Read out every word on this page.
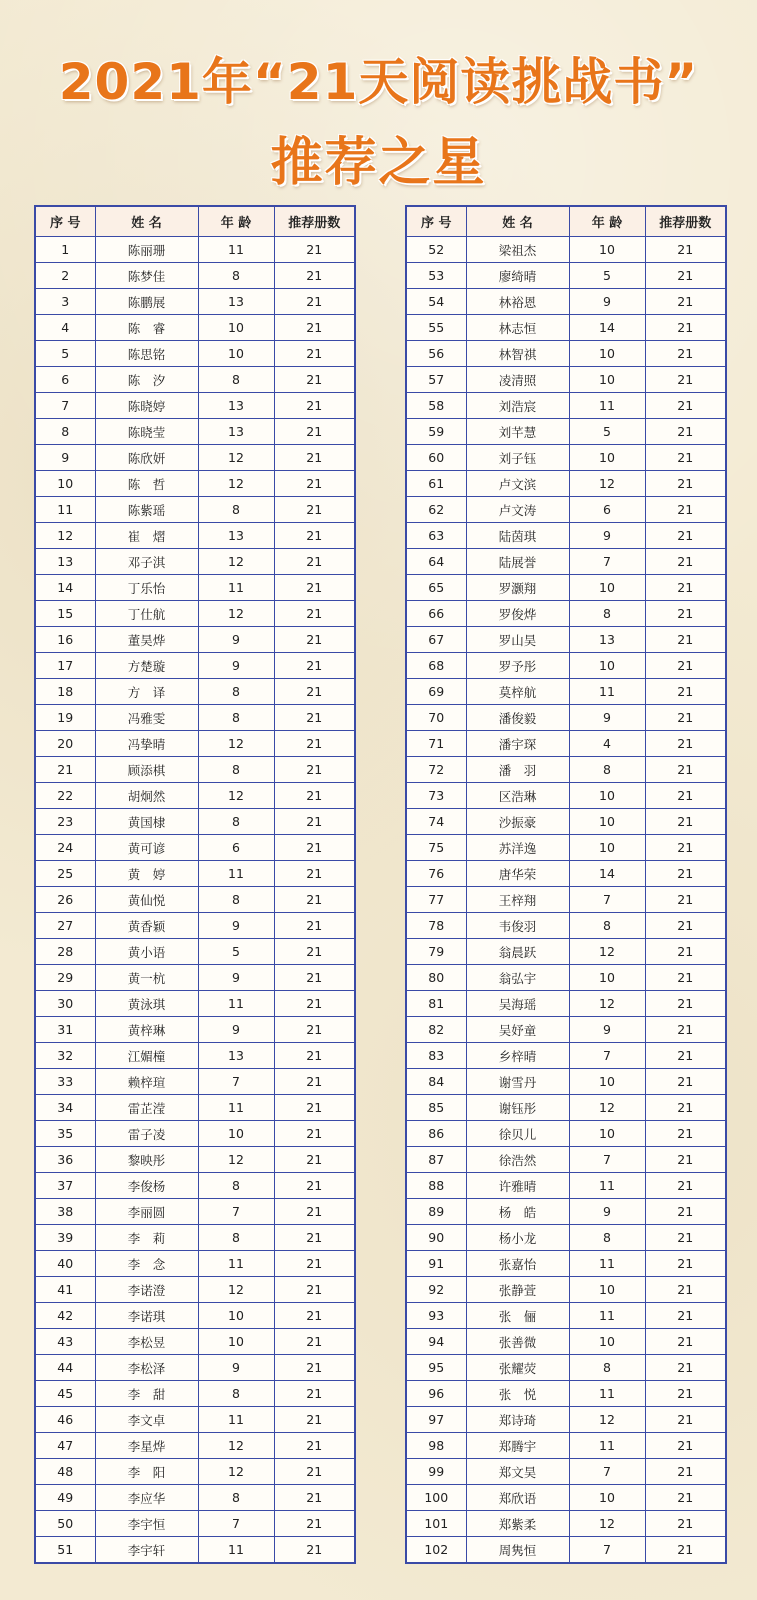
2021年“21天阅读挑战书”
推荐之星
序 号	姓 名	年 龄	推荐册数
1	陈丽珊	11	21
2	陈梦佳	8	21
3	陈鹏展	13	21
4	陈　睿	10	21
5	陈思铭	10	21
6	陈　汐	8	21
7	陈晓婷	13	21
8	陈晓莹	13	21
9	陈欣妍	12	21
10	陈　哲	12	21
11	陈紫瑶	8	21
12	崔　熠	13	21
13	邓子淇	12	21
14	丁乐怡	11	21
15	丁仕航	12	21
16	董昊烨	9	21
17	方楚璇	9	21
18	方　译	8	21
19	冯雅雯	8	21
20	冯挚晴	12	21
21	顾添棋	8	21
22	胡炯然	12	21
23	黄国棣	8	21
24	黄可谚	6	21
25	黄　婷	11	21
26	黄仙悦	8	21
27	黄香颖	9	21
28	黄小语	5	21
29	黄一杭	9	21
30	黄泳琪	11	21
31	黄梓琳	9	21
32	江媚橦	13	21
33	赖梓瑄	7	21
34	雷芷滢	11	21
35	雷子凌	10	21
36	黎映彤	12	21
37	李俊杨	8	21
38	李丽圆	7	21
39	李　莉	8	21
40	李　念	11	21
41	李诺澄	12	21
42	李诺琪	10	21
43	李松昱	10	21
44	李松泽	9	21
45	李　甜	8	21
46	李文卓	11	21
47	李星烨	12	21
48	李　阳	12	21
49	李应华	8	21
50	李宇恒	7	21
51	李宇轩	11	21
序 号	姓 名	年 龄	推荐册数
52	梁祖杰	10	21
53	廖绮晴	5	21
54	林裕恩	9	21
55	林志恒	14	21
56	林智祺	10	21
57	凌清照	10	21
58	刘浩宸	11	21
59	刘芊慧	5	21
60	刘子钰	10	21
61	卢文滨	12	21
62	卢文涛	6	21
63	陆茵琪	9	21
64	陆展誉	7	21
65	罗灏翔	10	21
66	罗俊烨	8	21
67	罗山昊	13	21
68	罗予彤	10	21
69	莫梓航	11	21
70	潘俊毅	9	21
71	潘宇琛	4	21
72	潘　羽	8	21
73	区浩琳	10	21
74	沙振豪	10	21
75	苏洋逸	10	21
76	唐华荣	14	21
77	王梓翔	7	21
78	韦俊羽	8	21
79	翁晨跃	12	21
80	翁弘宇	10	21
81	吴海瑶	12	21
82	吴妤童	9	21
83	乡梓晴	7	21
84	谢雪丹	10	21
85	谢钰彤	12	21
86	徐贝儿	10	21
87	徐浩然	7	21
88	许雅晴	11	21
89	杨　皓	9	21
90	杨小龙	8	21
91	张嘉怡	11	21
92	张静萱	10	21
93	张　俪	11	21
94	张善微	10	21
95	张耀荧	8	21
96	张　悦	11	21
97	郑诗琦	12	21
98	郑腾宇	11	21
99	郑文昊	7	21
100	郑欣语	10	21
101	郑紫柔	12	21
102	周隽恒	7	21
